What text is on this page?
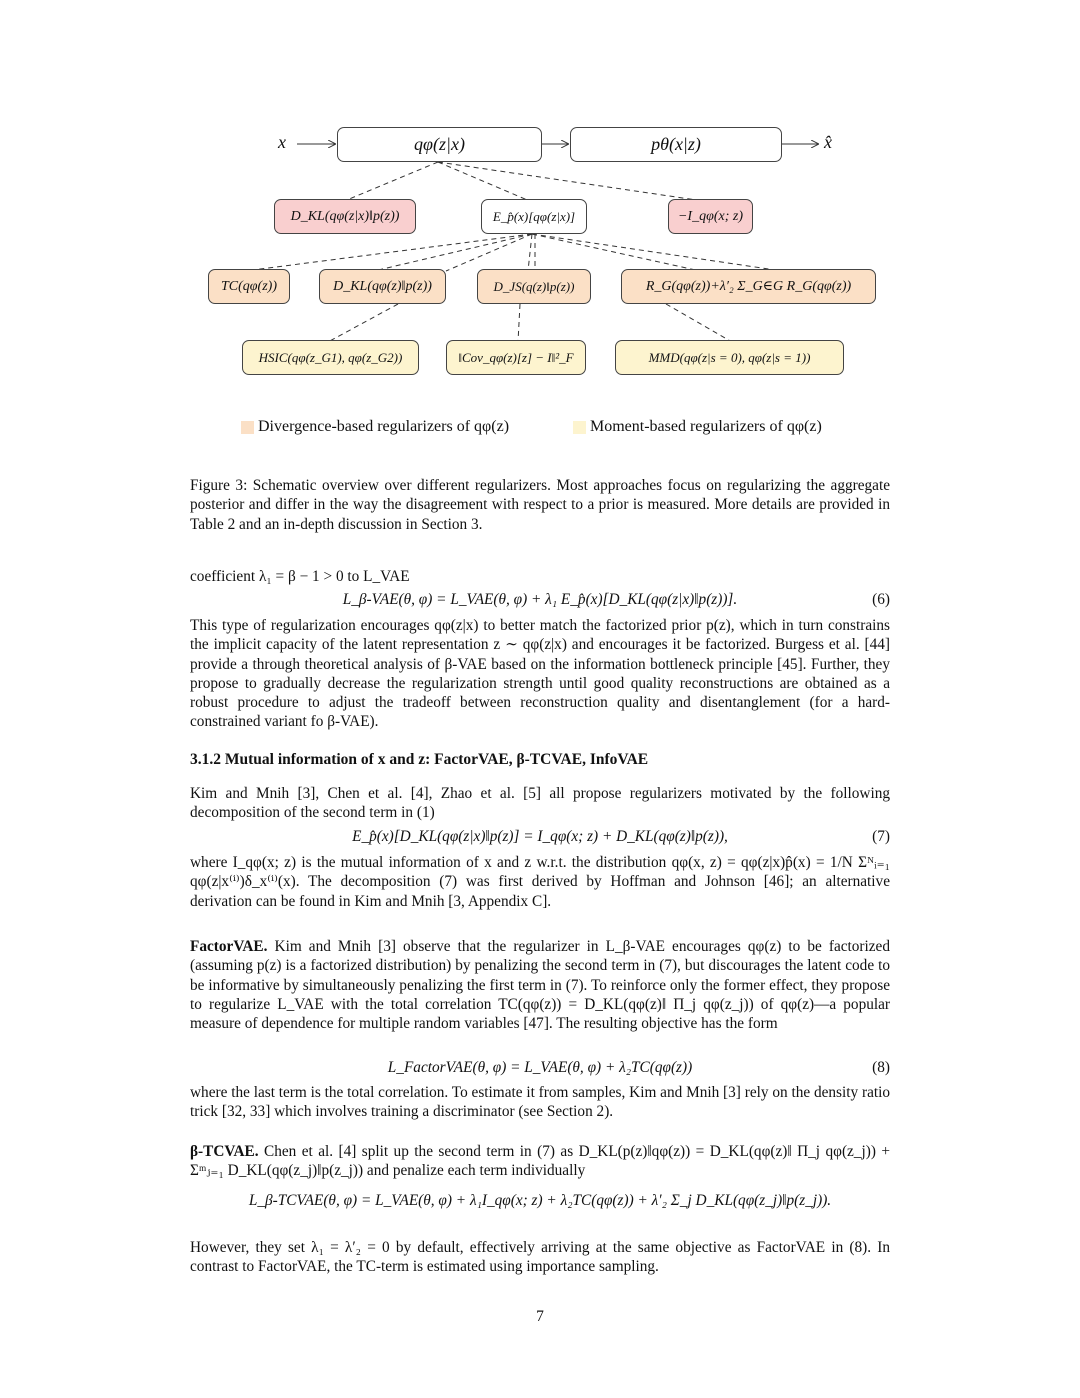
x	qφ(z|x)	pθ(x|z)	x̂
D_KL(qφ(z|x)‖p(z))	E_p̂(x)[qφ(z|x)]	−I_qφ(x; z)
TC(qφ(z))	D_KL(qφ(z)‖p(z))	D_JS(q(z)‖p(z))	R_G(qφ(z))+λ′₂ Σ_G∈G R_G(qφ(z))
HSIC(qφ(z_G1), qφ(z_G2))	‖Cov_qφ(z)[z] − I‖²_F	MMD(qφ(z|s = 0), qφ(z|s = 1))
Divergence-based regularizers of qφ(z)	Moment-based regularizers of qφ(z)
Figure 3: Schematic overview over different regularizers. Most approaches focus on regularizing the aggregate posterior and differ in the way the disagreement with respect to a prior is measured. More details are provided in Table 2 and an in-depth discussion in Section 3.
coefficient λ₁ = β − 1 > 0 to L_VAE
L_β-VAE(θ, φ) = L_VAE(θ, φ) + λ₁ E_p̂(x)[D_KL(qφ(z|x)‖p(z))].	(6)
This type of regularization encourages qφ(z|x) to better match the factorized prior p(z), which in turn constrains the implicit capacity of the latent representation z ∼ qφ(z|x) and encourages it be factorized. Burgess et al. [44] provide a through theoretical analysis of β-VAE based on the information bottleneck principle [45]. Further, they propose to gradually decrease the regularization strength until good quality reconstructions are obtained as a robust procedure to adjust the tradeoff between reconstruction quality and disentanglement (for a hard-constrained variant fo β-VAE).
3.1.2 Mutual information of x and z: FactorVAE, β-TCVAE, InfoVAE
Kim and Mnih [3], Chen et al. [4], Zhao et al. [5] all propose regularizers motivated by the following decomposition of the second term in (1)
E_p̂(x)[D_KL(qφ(z|x)‖p(z)] = I_qφ(x; z) + D_KL(qφ(z)‖p(z)),	(7)
where I_qφ(x; z) is the mutual information of x and z w.r.t. the distribution qφ(x, z) = qφ(z|x)p̂(x) = 1/N Σᴺᵢ₌₁ qφ(z|x⁽ⁱ⁾)δ_x⁽ⁱ⁾(x). The decomposition (7) was first derived by Hoffman and Johnson [46]; an alternative derivation can be found in Kim and Mnih [3, Appendix C].
FactorVAE. Kim and Mnih [3] observe that the regularizer in L_β-VAE encourages qφ(z) to be factorized (assuming p(z) is a factorized distribution) by penalizing the second term in (7), but discourages the latent code to be informative by simultaneously penalizing the first term in (7). To reinforce only the former effect, they propose to regularize L_VAE with the total correlation TC(qφ(z)) = D_KL(qφ(z)‖ Π_j qφ(z_j)) of qφ(z)—a popular measure of dependence for multiple random variables [47]. The resulting objective has the form
L_FactorVAE(θ, φ) = L_VAE(θ, φ) + λ₂TC(qφ(z))	(8)
where the last term is the total correlation. To estimate it from samples, Kim and Mnih [3] rely on the density ratio trick [32, 33] which involves training a discriminator (see Section 2).
β-TCVAE. Chen et al. [4] split up the second term in (7) as D_KL(p(z)‖qφ(z)) = D_KL(qφ(z)‖ Π_j qφ(z_j)) + Σᵐⱼ₌₁ D_KL(qφ(z_j)‖p(z_j)) and penalize each term individually
L_β-TCVAE(θ, φ) = L_VAE(θ, φ) + λ₁I_qφ(x; z) + λ₂TC(qφ(z)) + λ′₂ Σ_j D_KL(qφ(z_j)‖p(z_j)).
However, they set λ₁ = λ′₂ = 0 by default, effectively arriving at the same objective as FactorVAE in (8). In contrast to FactorVAE, the TC-term is estimated using importance sampling.
7
